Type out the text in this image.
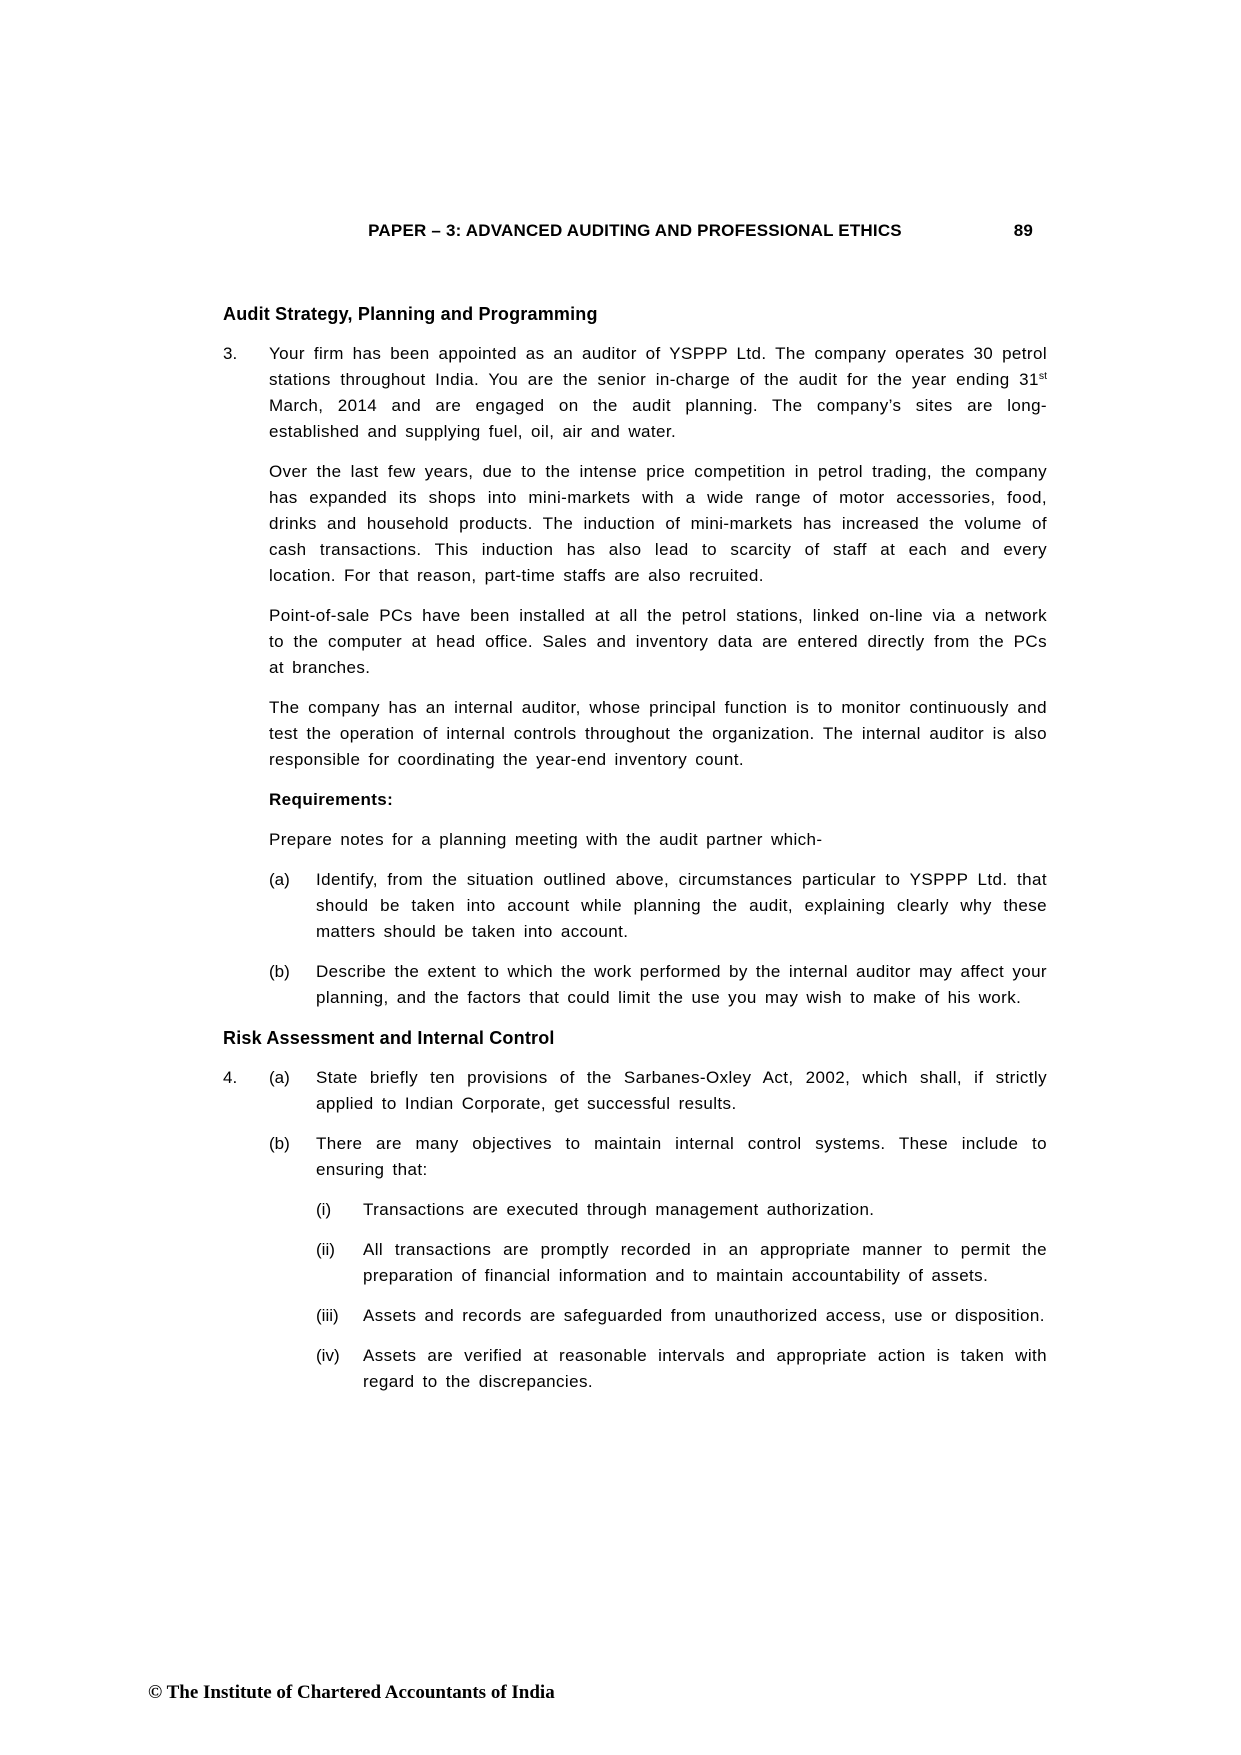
PAPER – 3: ADVANCED AUDITING AND PROFESSIONAL ETHICS	89
Audit Strategy, Planning and Programming
3.	Your firm has been appointed as an auditor of YSPPP Ltd. The company operates 30 petrol stations throughout India. You are the senior in-charge of the audit for the year ending 31st March, 2014 and are engaged on the audit planning. The company’s sites are long-established and supplying fuel, oil, air and water.

Over the last few years, due to the intense price competition in petrol trading, the company has expanded its shops into mini-markets with a wide range of motor accessories, food, drinks and household products. The induction of mini-markets has increased the volume of cash transactions. This induction has also lead to scarcity of staff at each and every location. For that reason, part-time staffs are also recruited.

Point-of-sale PCs have been installed at all the petrol stations, linked on-line via a network to the computer at head office. Sales and inventory data are entered directly from the PCs at branches.

The company has an internal auditor, whose principal function is to monitor continuously and test the operation of internal controls throughout the organization. The internal auditor is also responsible for coordinating the year-end inventory count.

Requirements:

Prepare notes for a planning meeting with the audit partner which-

(a)	Identify, from the situation outlined above, circumstances particular to YSPPP Ltd. that should be taken into account while planning the audit, explaining clearly why these matters should be taken into account.

(b)	Describe the extent to which the work performed by the internal auditor may affect your planning, and the factors that could limit the use you may wish to make of his work.

Risk Assessment and Internal Control
4.	(a)	State briefly ten provisions of the Sarbanes-Oxley Act, 2002, which shall, if strictly applied to Indian Corporate, get successful results.

(b)	There are many objectives to maintain internal control systems. These include to ensuring that:

(i)	Transactions are executed through management authorization.

(ii)	All transactions are promptly recorded in an appropriate manner to permit the preparation of financial information and to maintain accountability of assets.

(iii)	Assets and records are safeguarded from unauthorized access, use or disposition.

(iv)	Assets are verified at reasonable intervals and appropriate action is taken with regard to the discrepancies.

© The Institute of Chartered Accountants of India
